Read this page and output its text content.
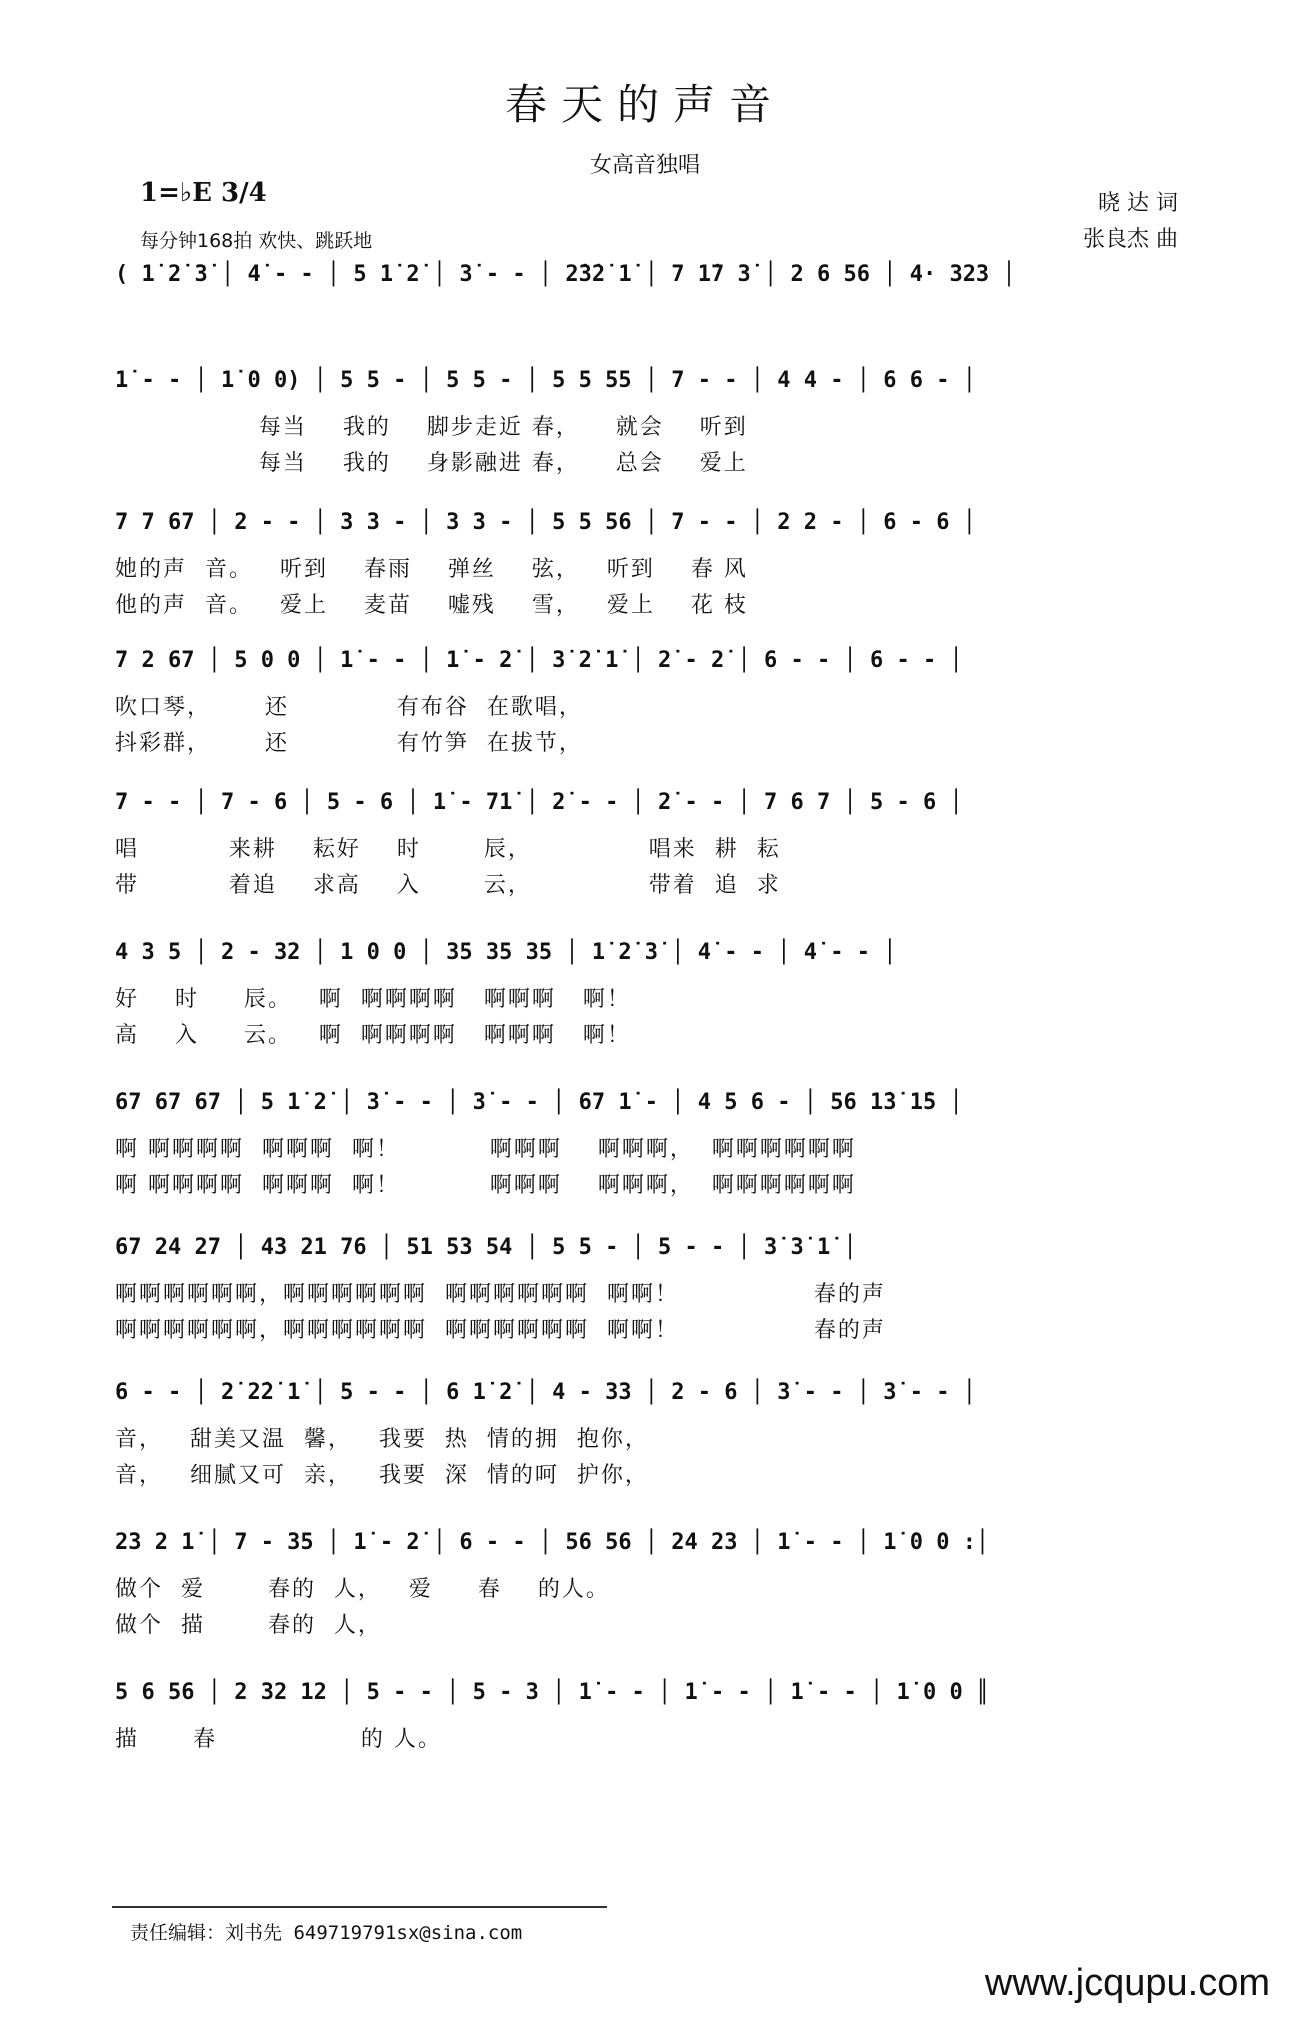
春天的声音
女高音独唱
1=♭E 3/4
每分钟168拍 欢快、跳跃地
晓 达 词
张良杰 曲
( 1̇ 2̇ 3̇ │ 4̇ - - │ 5 1̇ 2̇ │ 3̇ - - │ 2̇3̇2̇ 1̇ │ 7 1̇7 3̇ │ 2 6 56 │ 4· 323 │
1̇ - - │ 1̇ 0 0) │ 5 5 - │ 5 5 - │ 5 5 55 │ 7 - - │ 4 4 - │ 6 6 - │
每当    我的    脚步走近 春，    就会    听到
每当    我的    身影融进 春，    总会    爱上
7 7 67 │ 2 - - │ 3 3 - │ 3 3 - │ 5 5 56 │ 7 - - │ 2 2 - │ 6 - 6 │
她的声  音。   听到    春雨    弹丝    弦，   听到    春 风
他的声  音。   爱上    麦苗    嘘残    雪，   爱上    花 枝
7 2 67 │ 5 0 0 │ 1̇ - - │ 1̇ - 2̇ │ 3̇ 2̇ 1̇ │ 2̇ - 2̇ │ 6 - - │ 6 - - │
吹口琴，      还            有布谷  在歌唱，
抖彩群，      还            有竹笋  在拔节，
7 - - │ 7 - 6 │ 5 - 6 │ 1̇ - 71̇ │ 2̇ - - │ 2̇ - - │ 7 6 7 │ 5 - 6 │
唱          来耕    耘好    时       辰，             唱来  耕  耘
带          着追    求高    入       云，             带着  追  求
4 3 5 │ 2 - 32 │ 1 0 0 │ 35 35 35 │ 1̇ 2̇ 3̇ │ 4̇ - - │ 4̇ - - │
好    时     辰。   啊  啊啊啊啊   啊啊啊   啊！
高    入     云。   啊  啊啊啊啊   啊啊啊   啊！
67 67 67 │ 5 1̇ 2̇ │ 3̇ - - │ 3̇ - - │ 67 1̇ - │ 4 5 6 - │ 56 1̇3̇ 1̇5 │
啊 啊啊啊啊  啊啊啊  啊！          啊啊啊    啊啊啊，  啊啊啊啊啊啊
啊 啊啊啊啊  啊啊啊  啊！          啊啊啊    啊啊啊，  啊啊啊啊啊啊
67 24 27 │ 43 21 76 │ 51 53 54 │ 5 5 - │ 5 - - │ 3̇ 3̇ 1̇ │
啊啊啊啊啊啊，啊啊啊啊啊啊  啊啊啊啊啊啊  啊啊！               春的声
啊啊啊啊啊啊，啊啊啊啊啊啊  啊啊啊啊啊啊  啊啊！               春的声
6 - - │ 2̇ 2̇2̇ 1̇ │ 5 - - │ 6 1̇ 2̇ │ 4 - 33 │ 2 - 6 │ 3̇ - - │ 3̇ - - │
音，   甜美又温  馨，   我要  热  情的拥  抱你，
音，   细腻又可  亲，   我要  深  情的呵  护你，
23 2 1̇ │ 7 - 35 │ 1̇ - 2̇ │ 6 - - │ 56 56 │ 24 23 │ 1̇ - - │ 1̇ 0 0 :│
做个  爱       春的  人，   爱     春    的人。
做个  描       春的  人，
5 6 56 │ 2 32 12 │ 5 - - │ 5 - 3 │ 1̇ - - │ 1̇ - - │ 1̇ - - │ 1̇ 0 0 ║
描      春                的 人。
责任编辑：刘书先 649719791sx@sina.com
www.jcqupu.com
